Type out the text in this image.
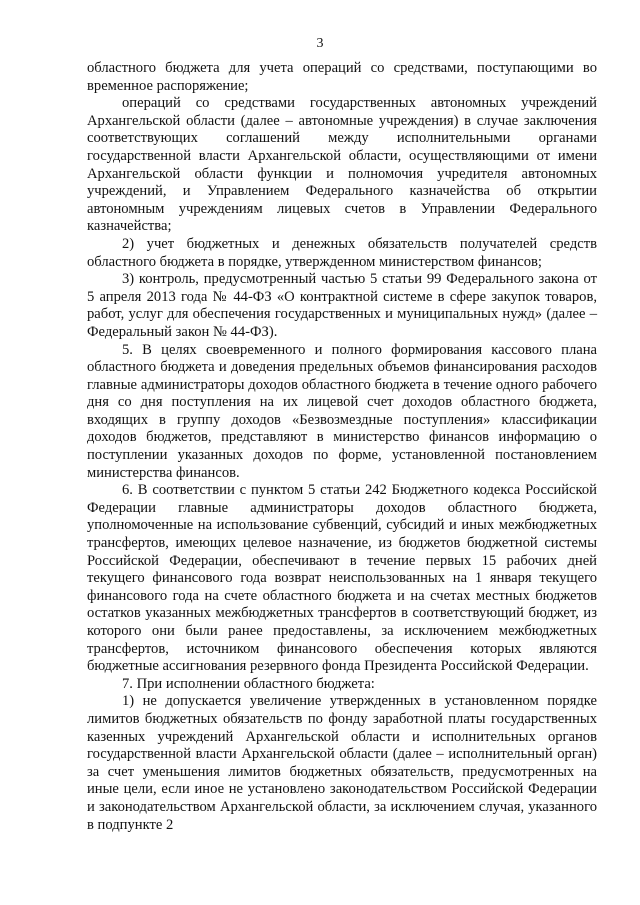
3

областного бюджета для учета операций со средствами, поступающими во временное распоряжение;

операций со средствами государственных автономных учреждений Архангельской области (далее – автономные учреждения) в случае заключения соответствующих соглашений между исполнительными органами государственной власти Архангельской области, осуществляющими от имени Архангельской области функции и полномочия учредителя автономных учреждений, и Управлением Федерального казначейства об открытии автономным учреждениям лицевых счетов в Управлении Федерального казначейства;

2) учет бюджетных и денежных обязательств получателей средств областного бюджета в порядке, утвержденном министерством финансов;

3) контроль, предусмотренный частью 5 статьи 99 Федерального закона от 5 апреля 2013 года № 44-ФЗ «О контрактной системе в сфере закупок товаров, работ, услуг для обеспечения государственных и муниципальных нужд» (далее – Федеральный закон № 44-ФЗ).

5. В целях своевременного и полного формирования кассового плана областного бюджета и доведения предельных объемов финансирования расходов главные администраторы доходов областного бюджета в течение одного рабочего дня со дня поступления на их лицевой счет доходов областного бюджета, входящих в группу доходов «Безвозмездные поступления» классификации доходов бюджетов, представляют в министерство финансов информацию о поступлении указанных доходов по форме, установленной постановлением министерства финансов.

6. В соответствии с пунктом 5 статьи 242 Бюджетного кодекса Российской Федерации главные администраторы доходов областного бюджета, уполномоченные на использование субвенций, субсидий и иных межбюджетных трансфертов, имеющих целевое назначение, из бюджетов бюджетной системы Российской Федерации, обеспечивают в течение первых 15 рабочих дней текущего финансового года возврат неиспользованных на 1 января текущего финансового года на счете областного бюджета и на счетах местных бюджетов остатков указанных межбюджетных трансфертов в соответствующий бюджет, из которого они были ранее предоставлены, за исключением межбюджетных трансфертов, источником финансового обеспечения которых являются бюджетные ассигнования резервного фонда Президента Российской Федерации.

7. При исполнении областного бюджета:

1) не допускается увеличение утвержденных в установленном порядке лимитов бюджетных обязательств по фонду заработной платы государственных казенных учреждений Архангельской области и исполнительных органов государственной власти Архангельской области (далее – исполнительный орган) за счет уменьшения лимитов бюджетных обязательств, предусмотренных на иные цели, если иное не установлено законодательством Российской Федерации и законодательством Архангельской области, за исключением случая, указанного в подпункте 2
